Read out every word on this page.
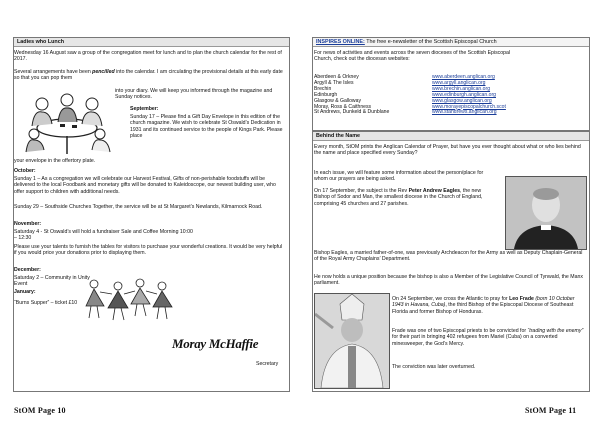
Ladies who Lunch

Wednesday 16 August saw a group of the congregation meet for lunch and to plan the church calendar for the rest of 2017.

Several arrangements have been pencilled into the calendar. I am circulating the provisional details at this early date so that you can pop them

into your diary. We will keep you informed through the magazine and Sunday notices.

September:

Sunday 17 – Please find a Gift Day Envelope in this edition of the church magazine. We wish to celebrate St Oswald’s Dedication in 1931 and its continued service to the people of Kings Park. Please place

your envelope in the offertory plate.

October:

Sunday 1 – As a congregation we will celebrate our Harvest Festival, Gifts of non-perishable foodstuffs will be delivered to the local Foodbank and monetary gifts will be donated to Kaleidoscope, our newest building user, who offer support to children with additional needs.

Sunday 29 – Southside Churches Together, the service will be at St Margaret’s Newlands, Kilmarnock Road.

November:

Saturday 4 - St Oswald’s will hold a fundraiser Sale and Coffee Morning 10:00 – 12:30

Please use your talents to furnish the tables for visitors to purchase your wonderful creations. It would be very helpful if you would price your donations prior to displaying them.

December:

Saturday 2 – Community in Unity

Event

January:

“Burns Supper” – ticket £10

Moray McHaffie

Secretary

StOM Page 10
INSPIRES ONLINE: The free e-newsletter of the Scottish Episcopal Church

For news of activities and events across the seven dioceses of the Scottish Episcopal Church, check out the diocesan websites:

Aberdeen & Orkney	www.aberdeen.anglican.org
Argyll & The Isles	www.argyll.anglican.org
Brechin	www.brechin.anglican.org
Edinburgh	www.edinburgh.anglican.org
Glasgow & Galloway	www.glasgow.anglican.org
Moray, Ross & Caithness	www.morayepiscopalchurch.scot
St Andrews, Dunkeld & Dunblane	www.standrews.anglican.org
Behind the Name

Every month, StOM prints the Anglican Calendar of Prayer, but have you ever thought about what or who lies behind the name and place specified every Sunday?

In each issue, we will feature some information about the person/place for whom our prayers are being asked.

On 17 September, the subject is the Rev Peter Andrew Eagles, the new Bishop of Sodor and Man, the smallest diocese in the Church of England, comprising 45 churches and 27 parishes.

Bishop Eagles, a married father-of-one, was previously Archdeacon for the Army as well as Deputy Chaplain-General of the Royal Army Chaplains’ Department.

He now holds a unique position because the bishop is also a Member of the Legislative Council of Tynwald, the Manx parliament.

On 24 September, we cross the Atlantic to pray for Leo Frade (born 10 October 1943 in Havana, Cuba), the third Bishop of the Episcopal Diocese of Southeast Florida and former Bishop of Honduras.

Frade was one of two Episcopal priests to be convicted for “trading with the enemy” for their part in bringing 402 refugees from Mariel (Cuba) on a converted minesweeper, the God’s Mercy.

The conviction was later overturned.

StOM Page 11
